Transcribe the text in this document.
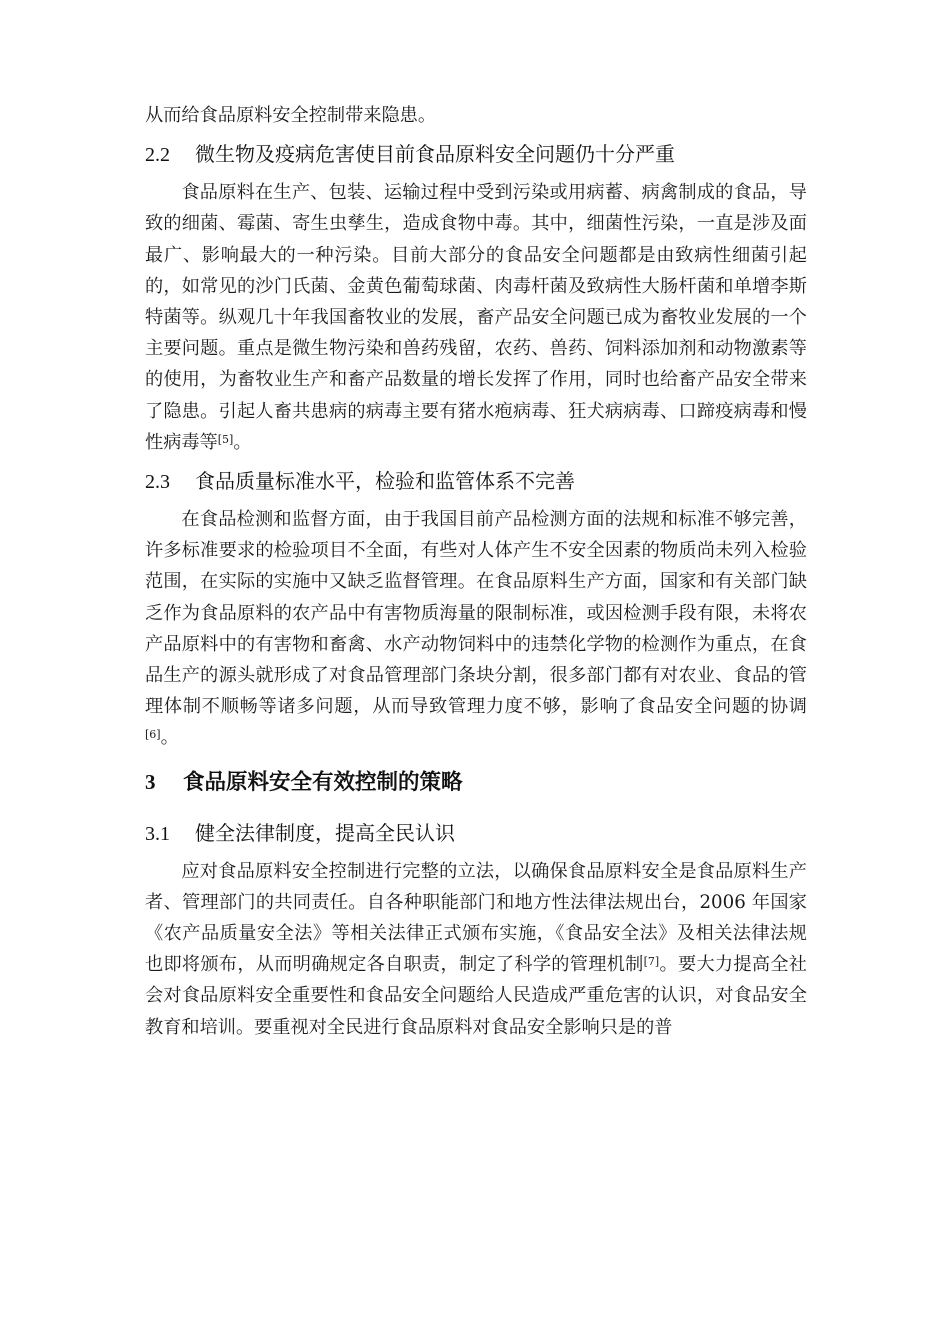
从而给食品原料安全控制带来隐患。

2.2 微生物及疫病危害使目前食品原料安全问题仍十分严重

食品原料在生产、包装、运输过程中受到污染或用病蓄、病禽制成的食品，导致的细菌、霉菌、寄生虫孳生，造成食物中毒。其中，细菌性污染，一直是涉及面最广、影响最大的一种污染。目前大部分的食品安全问题都是由致病性细菌引起的，如常见的沙门氏菌、金黄色葡萄球菌、肉毒杆菌及致病性大肠杆菌和单增李斯特菌等。纵观几十年我国畜牧业的发展，畜产品安全问题已成为畜牧业发展的一个主要问题。重点是微生物污染和兽药残留，农药、兽药、饲料添加剂和动物激素等的使用，为畜牧业生产和畜产品数量的增长发挥了作用，同时也给畜产品安全带来了隐患。引起人畜共患病的病毒主要有猪水疱病毒、狂犬病病毒、口蹄疫病毒和慢性病毒等[5]。

2.3 食品质量标准水平，检验和监管体系不完善

在食品检测和监督方面，由于我国目前产品检测方面的法规和标准不够完善，许多标准要求的检验项目不全面，有些对人体产生不安全因素的物质尚未列入检验范围，在实际的实施中又缺乏监督管理。在食品原料生产方面，国家和有关部门缺乏作为食品原料的农产品中有害物质海量的限制标准，或因检测手段有限，未将农产品原料中的有害物和畜禽、水产动物饲料中的违禁化学物的检测作为重点，在食品生产的源头就形成了对食品管理部门条块分割，很多部门都有对农业、食品的管理体制不顺畅等诸多问题，从而导致管理力度不够，影响了食品安全问题的协调[6]。

3 食品原料安全有效控制的策略
3.1 健全法律制度，提高全民认识

应对食品原料安全控制进行完整的立法，以确保食品原料安全是食品原料生产者、管理部门的共同责任。自各种职能部门和地方性法律法规出台，2006 年国家《农产品质量安全法》等相关法律正式颁布实施，《食品安全法》及相关法律法规也即将颁布，从而明确规定各自职责，制定了科学的管理机制[7]。要大力提高全社会对食品原料安全重要性和食品安全问题给人民造成严重危害的认识，对食品安全教育和培训。要重视对全民进行食品原料对食品安全影响只是的普
